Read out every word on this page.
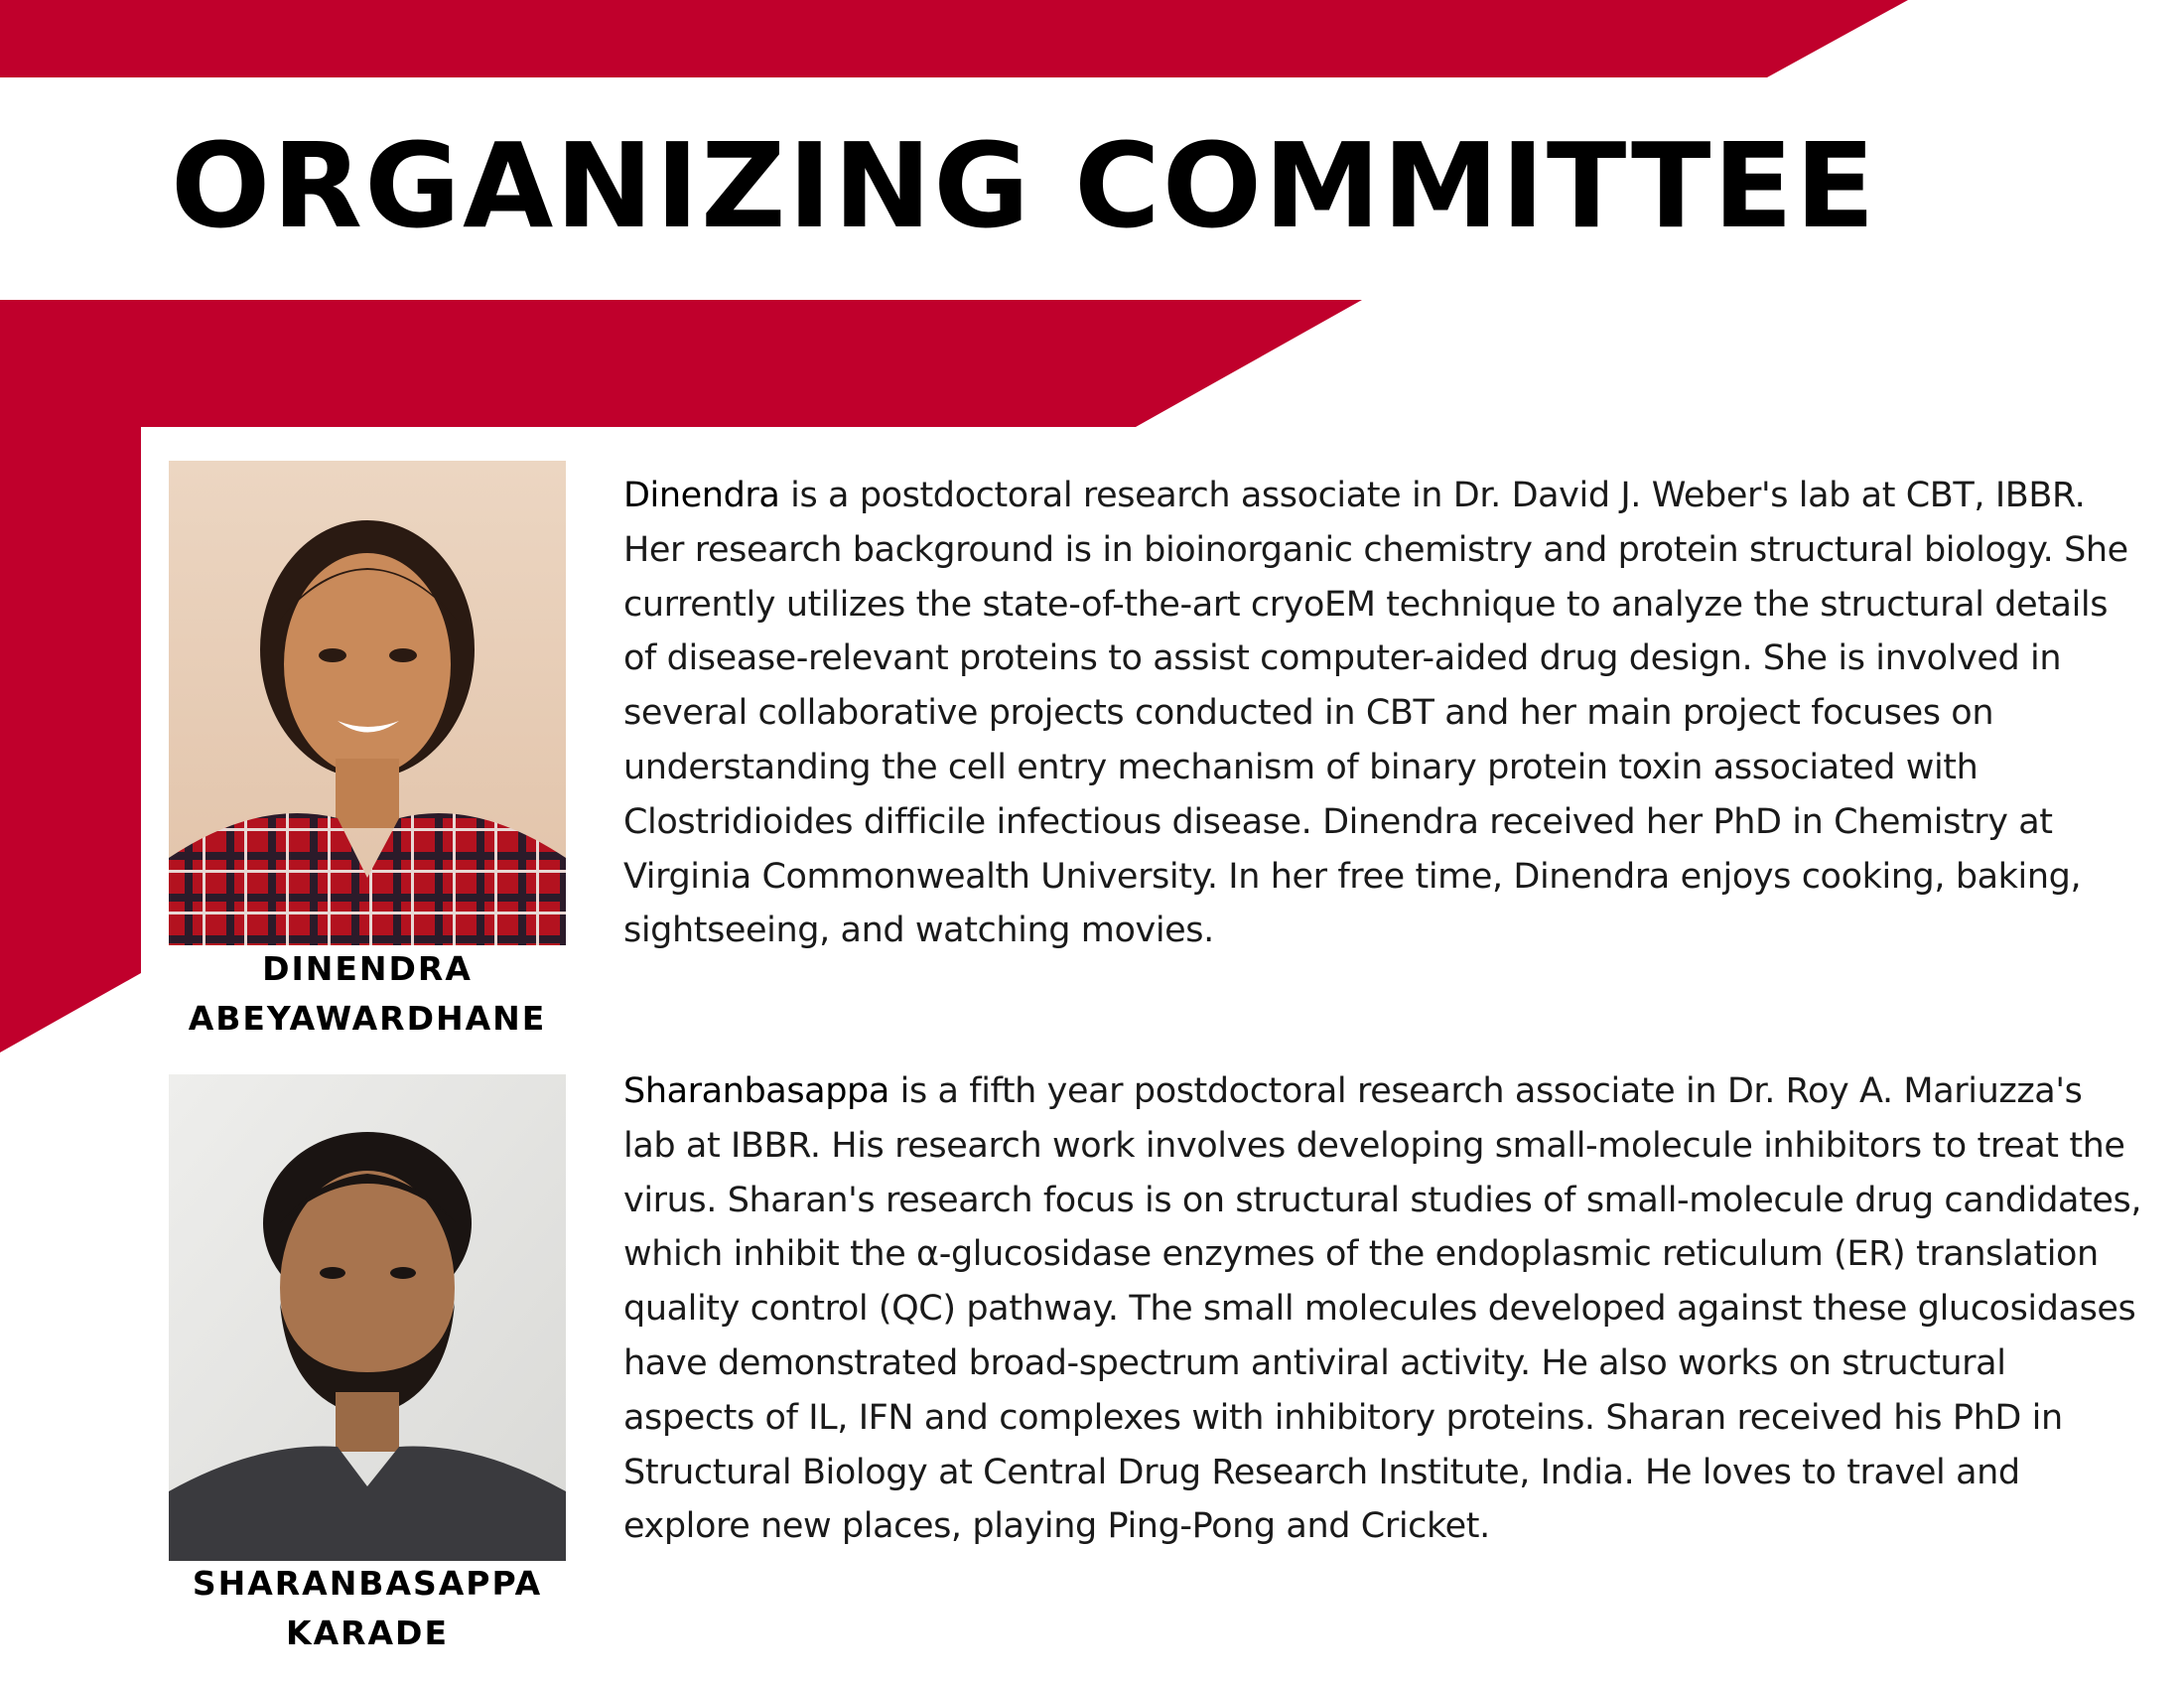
ORGANIZING COMMITTEE
DINENDRA
ABEYAWARDHANE

Dinendra is a postdoctoral research associate in Dr. David J. Weber's lab at CBT, IBBR. Her research background is in bioinorganic chemistry and protein structural biology. She currently utilizes the state-of-the-art cryoEM technique to analyze the structural details of disease-relevant proteins to assist computer-aided drug design. She is involved in several collaborative projects conducted in CBT and her main project focuses on understanding the cell entry mechanism of binary protein toxin associated with Clostridioides difficile infectious disease. Dinendra received her PhD in Chemistry at Virginia Commonwealth University. In her free time, Dinendra enjoys cooking, baking, sightseeing, and watching movies.

SHARANBASAPPA
KARADE

Sharanbasappa is a fifth year postdoctoral research associate in Dr. Roy A. Mariuzza's lab at IBBR. His research work involves developing small-molecule inhibitors to treat the virus. Sharan's research focus is on structural studies of small-molecule drug candidates, which inhibit the α-glucosidase enzymes of the endoplasmic reticulum (ER) translation quality control (QC) pathway. The small molecules developed against these glucosidases have demonstrated broad-spectrum antiviral activity. He also works on structural aspects of IL, IFN and complexes with inhibitory proteins. Sharan received his PhD in Structural Biology at Central Drug Research Institute, India. He loves to travel and explore new places, playing Ping-Pong and Cricket.
